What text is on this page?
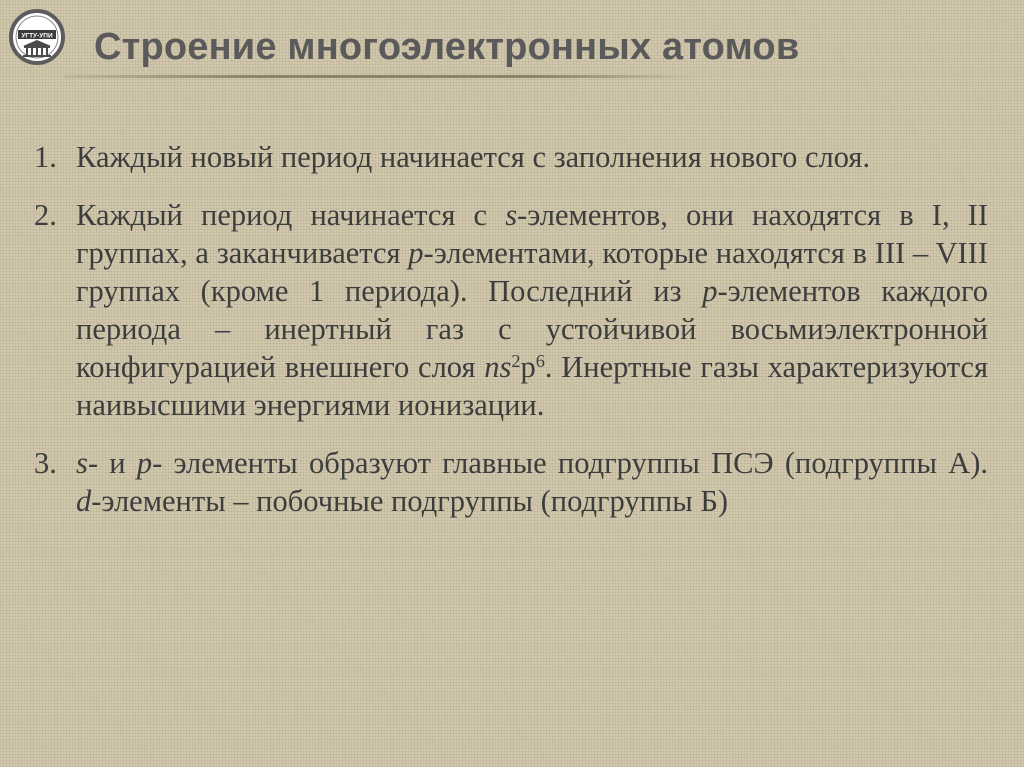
УГТУ-УПИ Строение многоэлектронных атомов
1. Каждый новый период начинается с заполнения нового слоя.
2. Каждый период начинается с s-элементов, они находятся в I, II группах, а заканчивается p-элементами, которые находятся в III – VIII группах (кроме 1 периода). Последний из p-элементов каждого периода – инертный газ с устойчивой восьмиэлектронной конфигурацией внешнего слоя $ns^2p^6$. Инертные газы характеризуются наивысшими энергиями ионизации.
3. s- и p- элементы образуют главные подгруппы ПСЭ (подгруппы А). d-элементы – побочные подгруппы (подгруппы Б)
